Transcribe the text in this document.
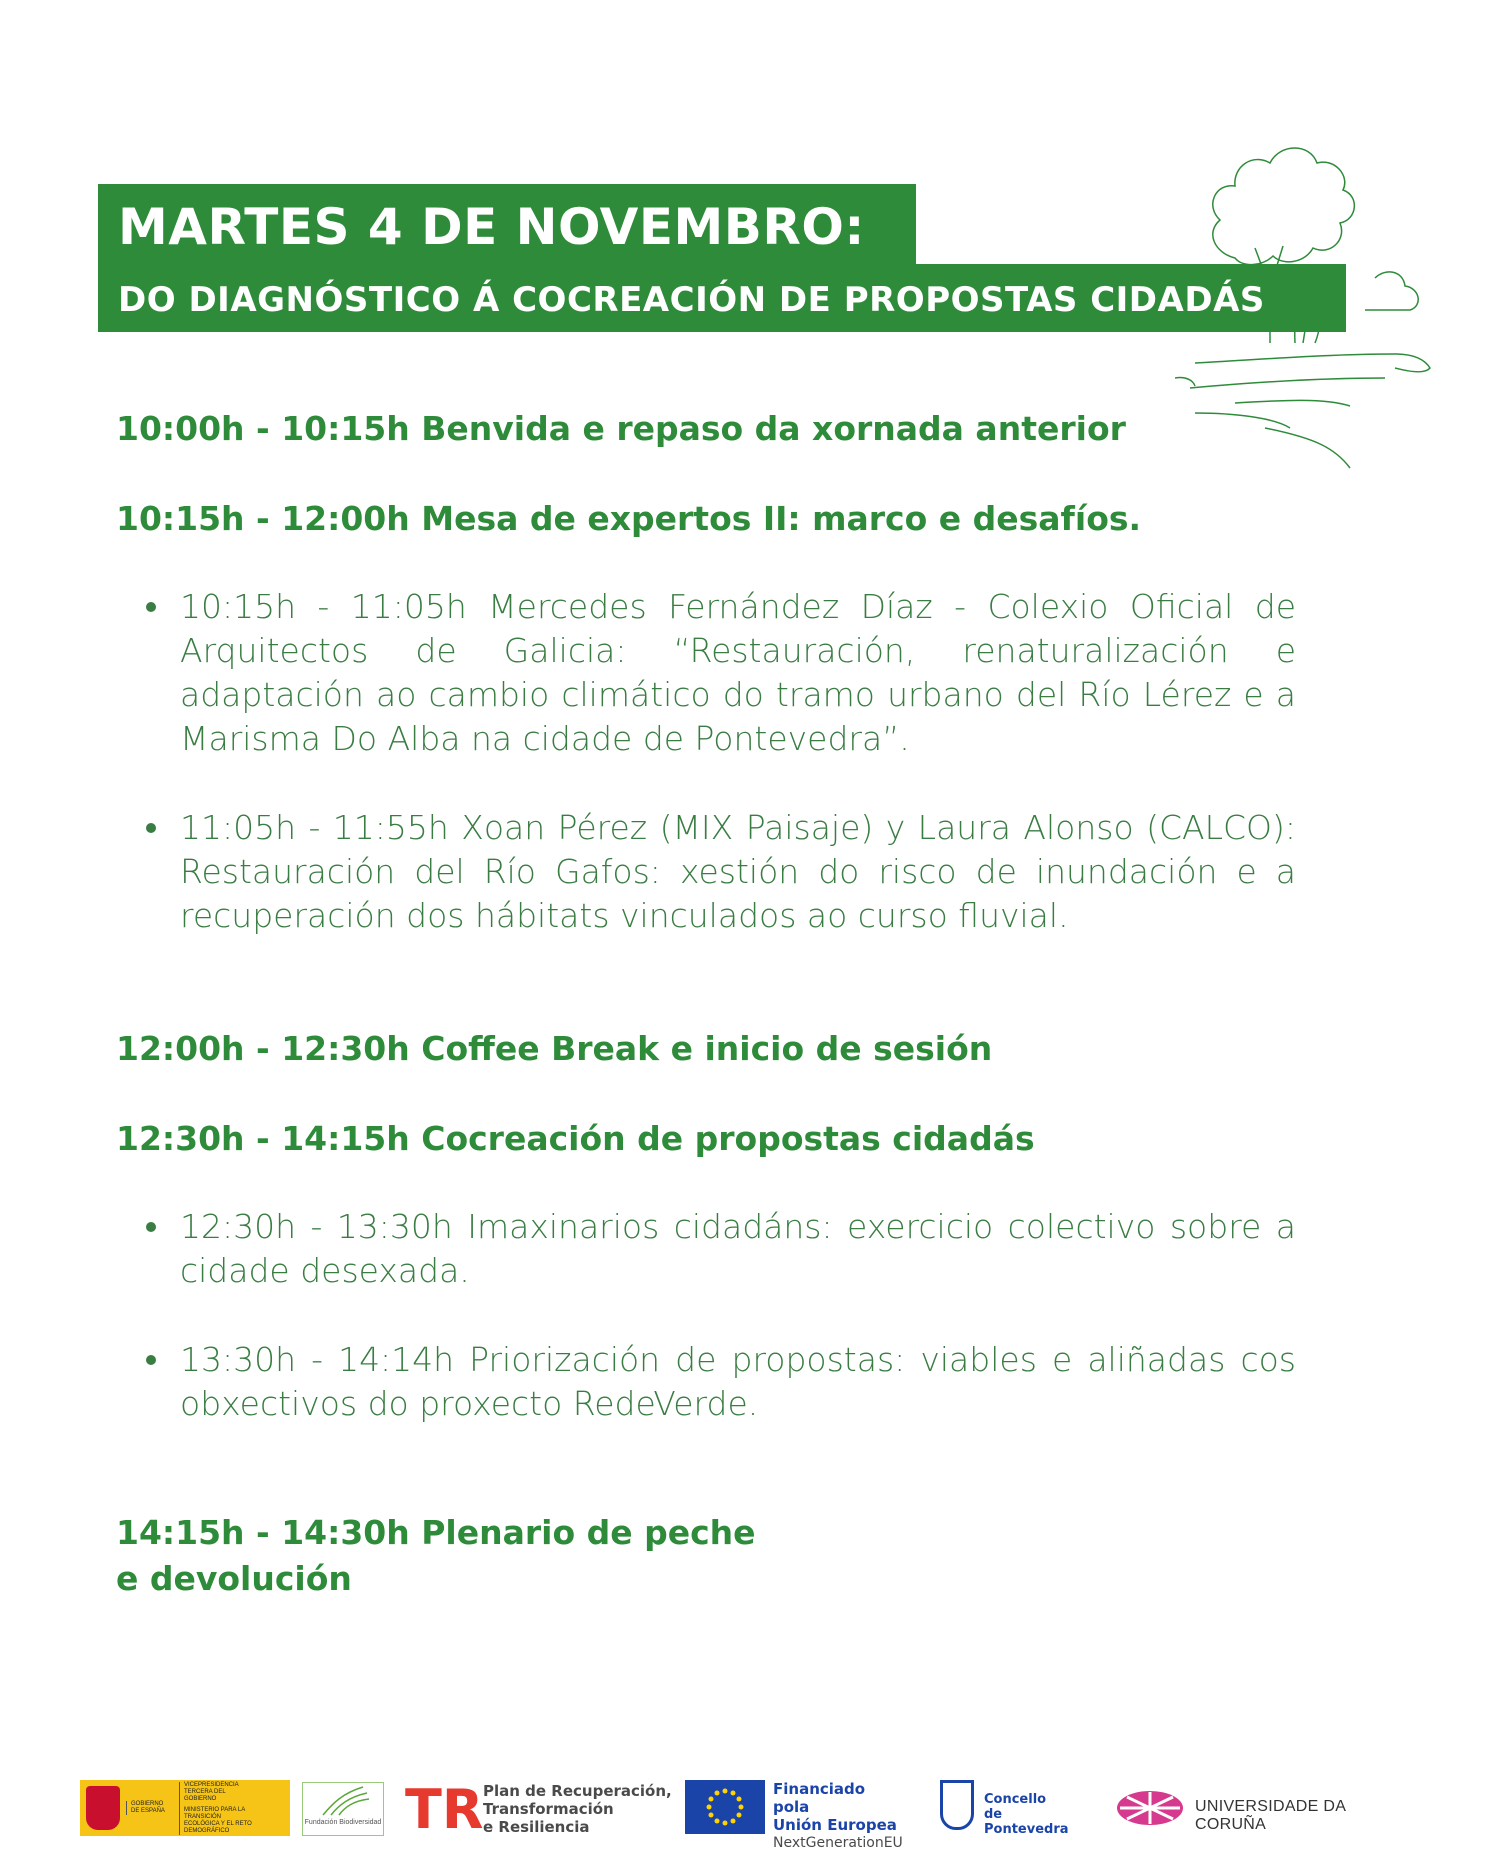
MARTES 4 DE NOVEMBRO:
DO DIAGNÓSTICO Á COCREACIÓN DE PROPOSTAS CIDADÁS
10:00h - 10:15h Benvida e repaso da xornada anterior
10:15h - 12:00h Mesa de expertos II: marco e desafíos.
10:15h - 11:05h Mercedes Fernández Díaz - Colexio Oficial de Arquitectos de Galicia: “Restauración, renaturalización e adaptación ao cambio climático do tramo urbano del Río Lérez e a Marisma Do Alba na cidade de Pontevedra”.
11:05h - 11:55h Xoan Pérez (MIX Paisaje) y Laura Alonso (CALCO): Restauración del Río Gafos: xestión do risco de inundación e a recuperación dos hábitats vinculados ao curso fluvial.
12:00h - 12:30h Coffee Break e inicio de sesión
12:30h - 14:15h Cocreación de propostas cidadás
12:30h - 13:30h Imaxinarios cidadáns: exercicio colectivo sobre a cidade desexada.
13:30h - 14:14h Priorización de propostas: viables e aliñadas cos obxectivos do proxecto RedeVerde.
14:15h - 14:30h Plenario de peche
e devolución
GOBIERNO DE ESPAÑA
VICEPRESIDENCIA TERCERA DEL GOBIERNO
MINISTERIO PARA LA TRANSICIÓN ECOLÓGICA Y EL RETO DEMOGRÁFICO
Fundación Biodiversidad TR Plan de Recuperación,
Transformación
e Resiliencia
Financiado pola
Unión Europea
NextGenerationEU
Concello
de Pontevedra
UNIVERSIDADE DA CORUÑA
